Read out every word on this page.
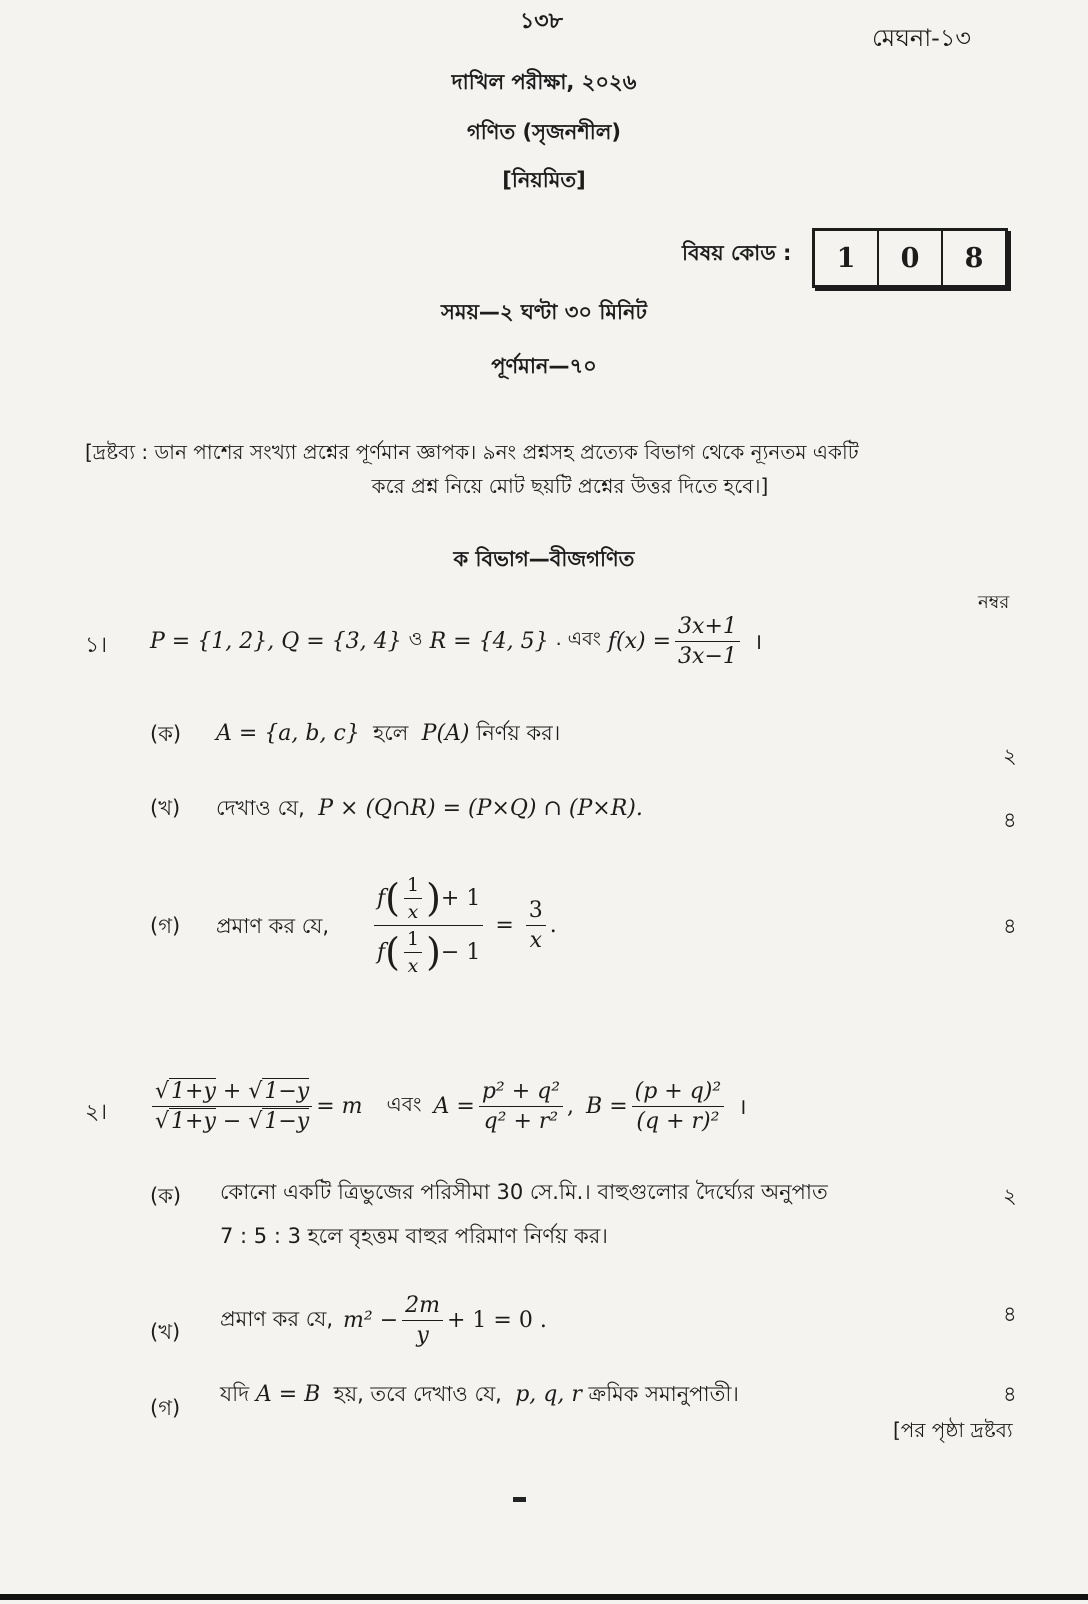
১৩৮
মেঘনা-১৩
দাখিল পরীক্ষা, ২০২৬
গণিত (সৃজনশীল)
[নিয়মিত]
বিষয় কোড :	1	0	8
সময়—২ ঘণ্টা ৩০ মিনিট
পূর্ণমান—৭০
[দ্রষ্টব্য : ডান পাশের সংখ্যা প্রশ্নের পূর্ণমান জ্ঞাপক। ৯নং প্রশ্নসহ প্রত্যেক বিভাগ থেকে ন্যূনতম একটি
করে প্রশ্ন নিয়ে মোট ছয়টি প্রশ্নের উত্তর দিতে হবে।]
ক বিভাগ—বীজগণিত
নম্বর
১। P = {1, 2},
Q = {3, 4}
ও
R = {4, 5}
. এবং
$f(x) = \frac{3x+1}{3x-1}$ ।
(ক) A = {a, b, c} হলে P(A) নির্ণয় কর।
২
(খ) দেখাও যে, P × (Q∩R) = (P×Q) ∩ (P×R).	৪
(গ) প্রমাণ কর যে,
f ( $\frac{1}{x}$ ) + 1
f ( $\frac{1}{x}$ ) − 1
= $\frac{3}{x}$ .	৪
২। $\frac{√1+y + √1-y}{√1+y - √1-y} = m$ এবং $A = \frac{\text{p² + q²}}{\text{q² + r²}}$ , $B = \frac{\text{(p + q)²}}{\text{(q + r)²}}$ ।
(ক) কোনো একটি ত্রিভুজের পরিসীমা 30 সে.মি.। বাহুগুলোর দৈর্ঘ্যের অনুপাত
7 : 5 : 3 হলে বৃহত্তম বাহুর পরিমাণ নির্ণয় কর।
২
(খ)
প্রমাণ কর যে, $m^2 - \frac{2m}{y} + 1 = 0$ .	৪
(গ)
যদি A = B হয়, তবে দেখাও যে, p, q, r ক্রমিক সমানুপাতী।	৪
[পর পৃষ্ঠা দ্রষ্টব্য
